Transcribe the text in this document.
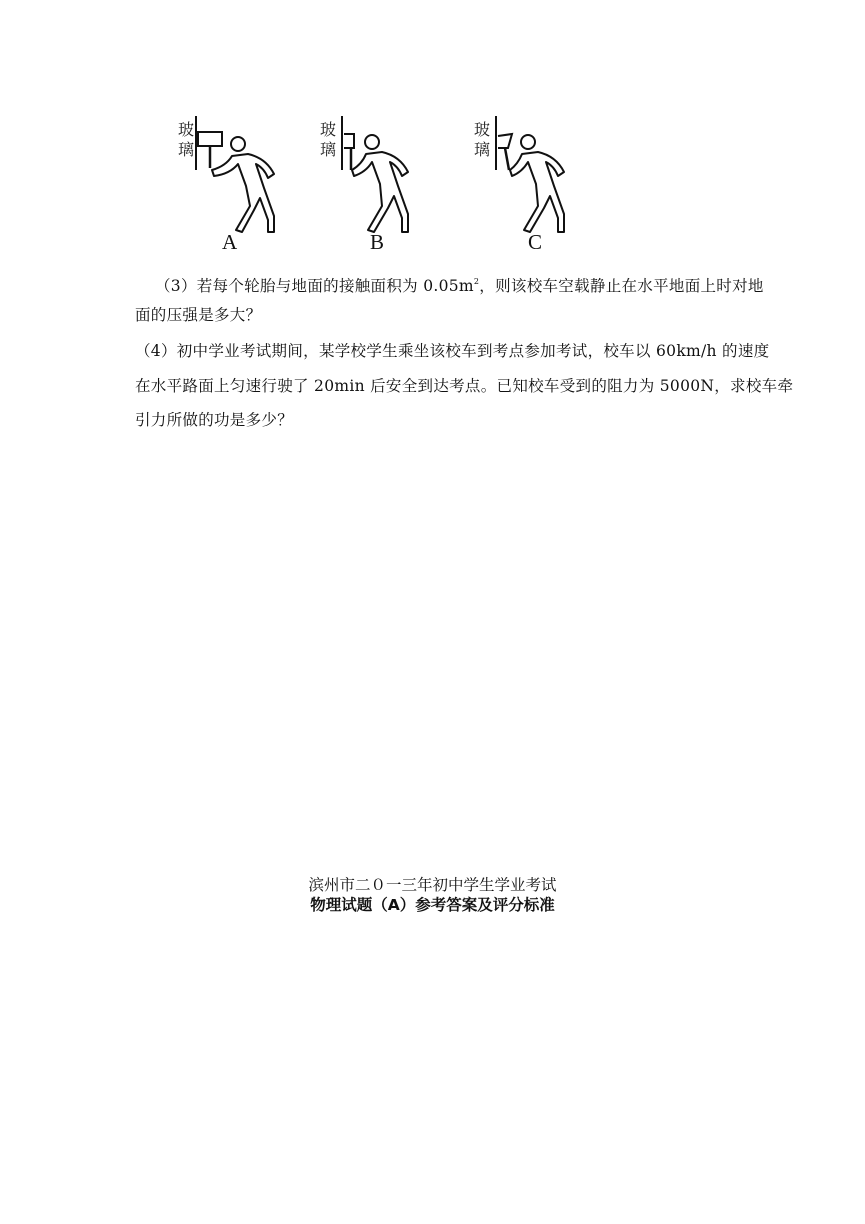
玻璃
A
玻璃
B
玻璃
C
（3）若每个轮胎与地面的接触面积为 $0.05m^2$，则该校车空载静止在水平地面上时对地
面的压强是多大？
（4）初中学业考试期间，某学校学生乘坐该校车到考点参加考试，校车以 60km/h 的速度
在水平路面上匀速行驶了 20min 后安全到达考点。已知校车受到的阻力为 5000N，求校车牵
引力所做的功是多少？
滨州市二０一三年初中学生学业考试
物理试题（A）参考答案及评分标准
